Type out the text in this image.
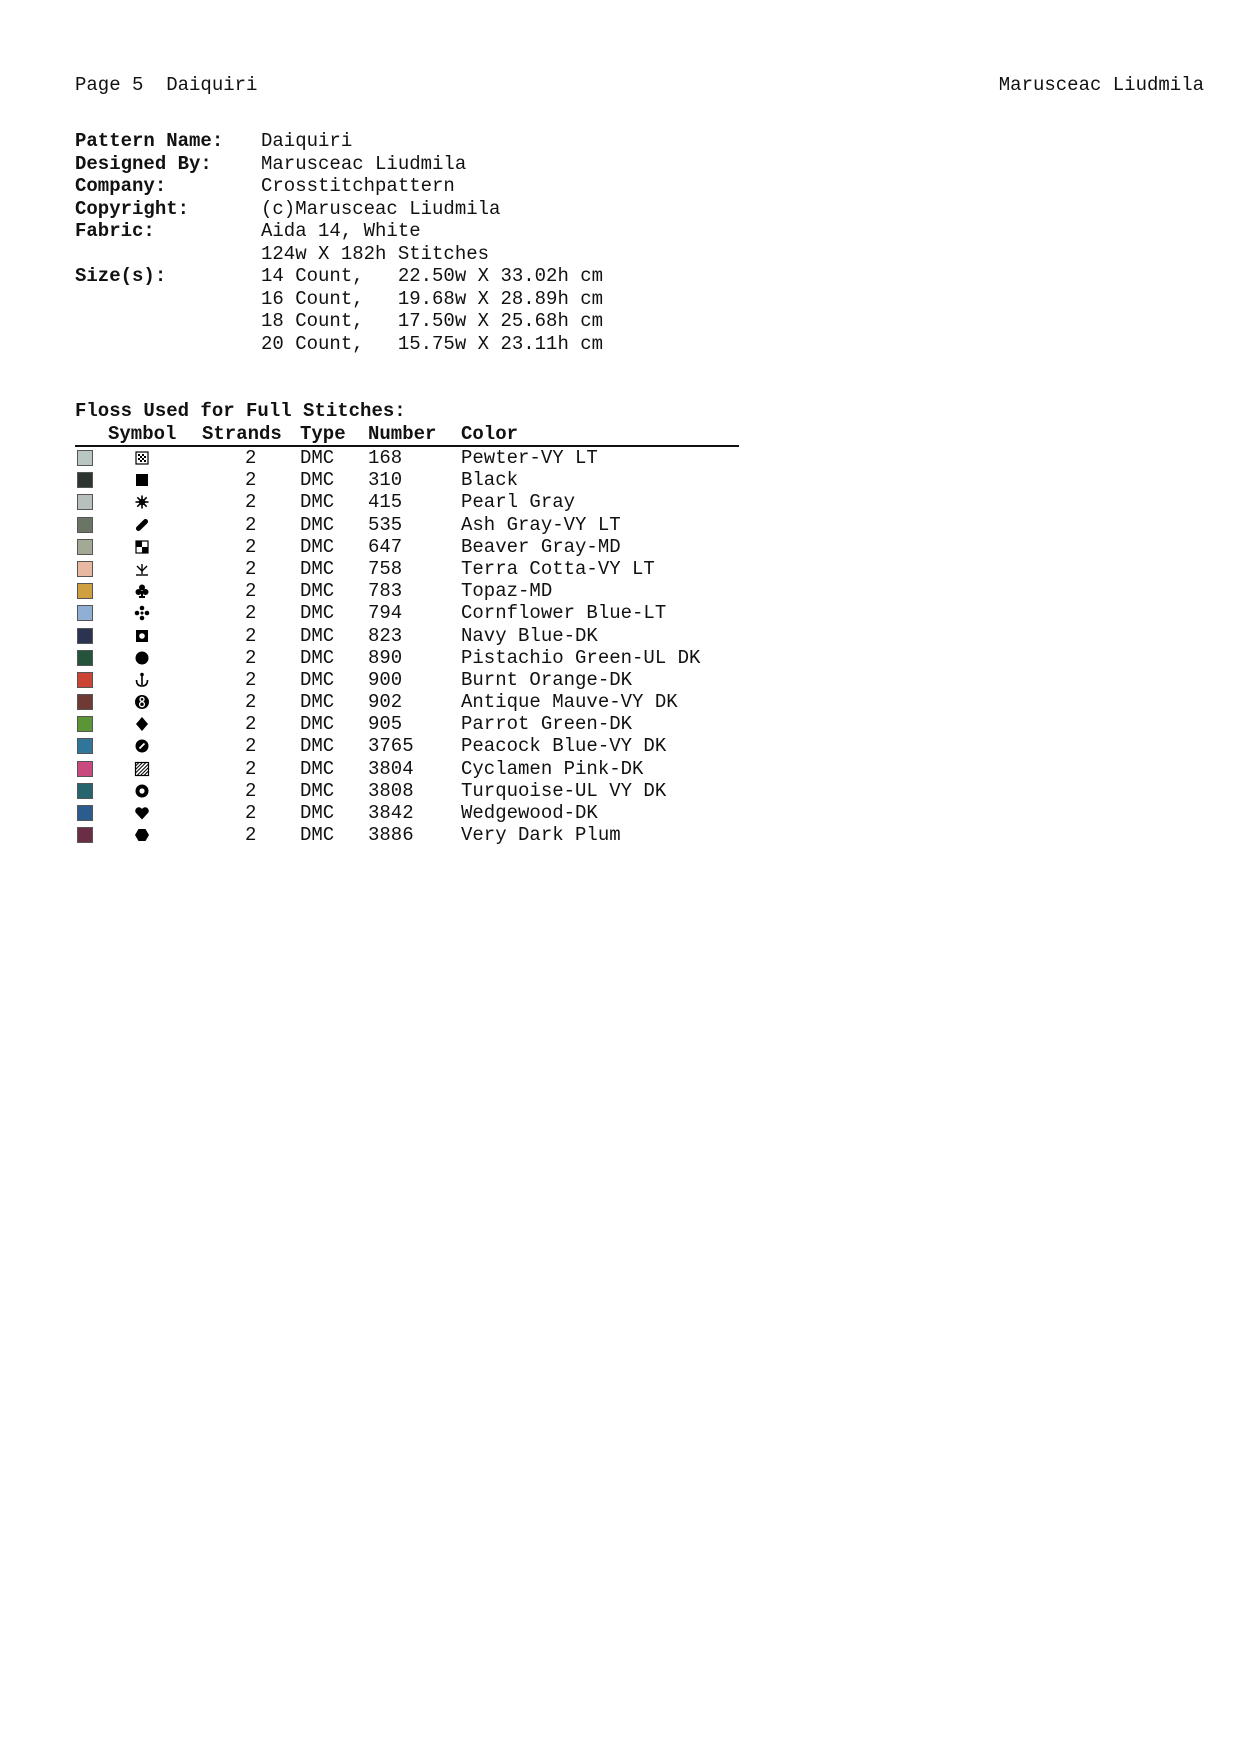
Page 5  Daiquiri	Marusceac Liudmila
Pattern Name:	Daiquiri
Designed By:	Marusceac Liudmila
Company:	Crosstitchpattern
Copyright:	(c)Marusceac Liudmila
Fabric:	Aida 14, White
	124w X 182h Stitches
Size(s):	14 Count,   22.50w X 33.02h cm
	16 Count,   19.68w X 28.89h cm
	18 Count,   17.50w X 25.68h cm
	20 Count,   15.75w X 23.11h cm
Floss Used for Full Stitches:
Symbol Strands Type Number Color
2 DMC 168	Pewter-VY LT
2 DMC 310	Black
2 DMC 415	Pearl Gray
2 DMC 535	Ash Gray-VY LT
2 DMC 647	Beaver Gray-MD
2 DMC 758	Terra Cotta-VY LT
2 DMC 783	Topaz-MD
2 DMC 794	Cornflower Blue-LT
2 DMC 823	Navy Blue-DK
2 DMC 890	Pistachio Green-UL DK
2 DMC 900	Burnt Orange-DK
2 DMC 902	Antique Mauve-VY DK
2 DMC 905	Parrot Green-DK
2 DMC 3765 Peacock Blue-VY DK
2 DMC 3804 Cyclamen Pink-DK
2 DMC 3808 Turquoise-UL VY DK
2 DMC 3842 Wedgewood-DK
2 DMC 3886 Very Dark Plum
